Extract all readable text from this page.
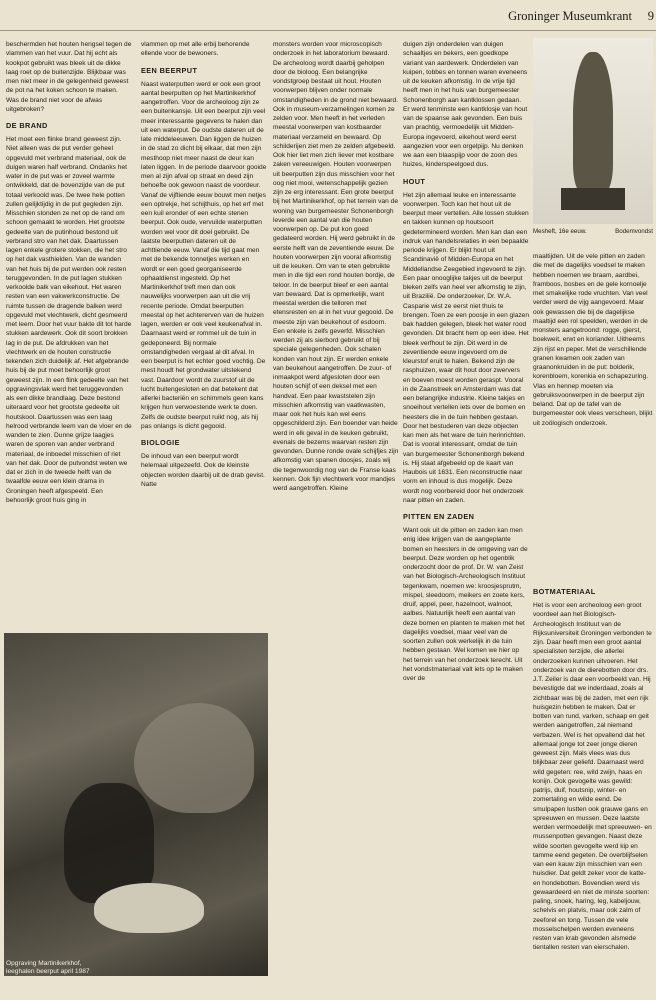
Groninger Museumkrant 9

beschermden het houten hengsel tegen de vlammen van het vuur. Dat hij echt als kookpot gebruikt was bleek uit de dikke laag roet op de buitenzijde. Blijkbaar was men niet meer in de gelegenheid geweest de pot na het koken schoon te maken. Was de brand niet voor de afwas uitgebroken?

DE BRAND

Het moet een flinke brand geweest zijn. Niet alleen was de put verder geheel opgevuld met verbrand materiaal, ook de duigen waren half verbrand. Ondanks het water in de put was er zoveel warmte ontwikkeld, dat de bovenzijde van de put totaal verkoold was. De twee hele potten zullen gelijktijdig in de put gegleden zijn. Misschien stonden ze net op de rand om schoon gemaakt te worden. Het grootste gedeelte van de putinhoud bestond uit verbrand stro van het dak. Daartussen lagen enkele grotere stokken, die het stro op het dak vasthielden. Van de wanden van het huis bij de put werden ook resten teruggevonden. In de put lagen stukken verkoolde balk van eikehout. Het waren resten van een vakwerkconstructie. De ruimte tussen de dragende balken werd opgevuld met vlechtwerk, dicht gesmeerd met leem. Door het vuur bakte dit tot harde stukken aardewerk. Ook dit soort brokken lag in de put. De afdrukken van het vlechtwerk en de houten constructie tekenden zich duidelijk af. Het afgebrande huis bij de put moet behoorlijk groot geweest zijn. In een flink gedeelte van het opgravingsvlak werd het teruggevonden als een dikke brandlaag. Deze bestond uiteraard voor het grootste gedeelte uit houtskool. Daartussen was een laag helrood verbrande leem van de vloer en de wanden te zien. Dunne grijze laagjes waren de sporen van ander verbrand materiaal, de inboedel misschien of riet van het dak. Door de putvondst weten we dat er zich in de tweede helft van de twaalfde eeuw een klein drama in Groningen heeft afgespeeld. Een behoorlijk groot huis ging in

vlammen op met alle erbij behorende ellende voor de bewoners.

EEN BEERPUT

Naast waterputten werd er ook een groot aantal beerputten op het Martinikerkhof aangetroffen. Voor de archeoloog zijn ze een buitenkansje. Uit een beerput zijn veel meer interessante gegevens te halen dan uit een waterput. De oudste dateren uit de late middeleeuwen. Dan liggen de huizen in de stad zo dicht bij elkaar, dat men zijn mesthoop niet meer naast de deur kan laten liggen. In de periode daarvoor gooide men al zijn afval op straat en deed zijn behoefte ook gewoon naast de voordeur. Vanaf de vijftiende eeuw bouwt men netjes een optrekje, het schijthuis, op het erf met een kuil eronder of een echte stenen beerput. Ook oude, vervuilde waterputten worden wel voor dit doel gebruikt. De laatste beerputten dateren uit de achttiende eeuw. Vanaf die tijd gaat men met de bekende tonnetjes werken en wordt er een goed georganiseerde ophaaldienst ingesteld. Op het Martinikerkhof treft men dan ook nauwelijks voorwerpen aan uit die vrij recente periode. Omdat beerputten meestal op het achtererven van de huizen lagen, werden er ook veel keukenafval in. Daarnaast werd er rommel uit de tuin in gedeponeerd. Bij normale omstandigheden vergaat al dit afval. In een beerput is het echter goed vochtig. De mest houdt het grondwater uitstekend vast. Daardoor wordt de zuurstof uit de lucht buitengesloten en dat betekent dat allerlei bacteriën en schimmels geen kans krijgen hun verwoestende werk te doen. Zelfs de oudste beerput ruikt nog, als hij pas onlangs is dicht gegooid.

BIOLOGIE

De inhoud van een beerput wordt helemaal uitgezeefd. Ook de kleinste objecten worden daarbij uit de drab gevist. Natte

monsters worden voor microscopisch onderzoek in het laboratorium bewaard. De archeoloog wordt daarbij geholpen door de bioloog. Een belangrijke vondstgroep bestaat uit hout. Houten voorwerpen blijven onder normale omstandigheden in de grond niet bewaard. Ook in museum-verzamelingen komen ze zelden voor. Men heeft in het verleden meestal voorwerpen van kostbaarder materiaal verzameld en bewaard. Op schilderijen ziet men ze zelden afgebeeld. Ook hier liet men zich liever met kostbare zaken vereeuwigen. Houten voorwerpen uit beerputten zijn dus misschien voor het oog niet mooi, wetenschappelijk gezien zijn ze erg interessant. Een grote beerput bij het Martinikerkhof, op het terrein van de woning van burgemeester Schonenborgh leverde een aantal van die houten voorwerpen op. De put kon goed gedateerd worden. Hij werd gebruikt in de eerste helft van de zeventiende eeuw. De houten voorwerpen zijn vooral afkomstig uit de keuken. Om van te eten gebruikte men in die tijd een rond houten bordje, de teloor. In de beerput bleef er een aantal van bewaard. Dat is opmerkelijk, want meestal werden die telloren met etensresten en al in het vuur gegooid. De meeste zijn van beukehout of esdoorn. Een enkele is zelfs geverfd. Misschien werden zij als sierbord gebruikt of bij speciale gelegenheden. Ook schalen konden van hout zijn. Er werden enkele van beukehout aangetroffen. De zuur- of inmaakpot werd afgesloten door een houten schijf of een deksel met een handvat. Een paar kwaststelen zijn misschien afkomstig van vaatkwasten, maar ook het huis kan wel eens opgeschilderd zijn. Een boender van heide werd in elk geval in de keuken gebruikt, evenals de bezems waarvan resten zijn gevonden. Dunne ronde ovale schijfjes zijn afkomstig van spanen doosjes, zoals wij die tegenwoordig nog van de Franse kaas kennen. Ook fijn vlechtwerk voor mandjes werd aangetroffen. Kleine

duigen zijn onderdelen van duigen schaaltjes en bekers, een goedkope variant van aardewerk. Onderdelen van kuipen, tobbes en tonnen waren eveneens uit de keuken afkomstig. In de vrije tijd heeft men in het huis van burgemeester Schonenborgh aan kantklossen gedaan. Er werd tenminste een kantklosje van hout van de spaanse aak gevonden. Een buis van prachtig, vermoedelijk uit Midden-Europa ingevoerd, eikehout werd eerst aangezien voor een orgelpijp. Nu denken we aan een blaaspijp voor de zoon des huizes, kinderspeelgoed dus.

HOUT

Het zijn allemaal leuke en interessante voorwerpen. Toch kan het hout uit de beerput meer vertellen. Alle lossen stukken en takken kunnen op houtsoort gedetermineerd worden. Men kan dan een indruk van handelsrelaties in een bepaalde periode krijgen. Er blijkt hout uit Scandinavië of Midden-Europa en het Middellandse Zeegebied ingevoerd te zijn. Een paar onooglijke takjes uit de beerput bleken zelfs van heel ver afkomstig te zijn, uit Brazilië. De onderzoeker, Dr. W.A. Casparie wist ze eerst niet thuis te brengen. Toen ze een poosje in een glazen bak hadden gelegen, bleek het water rood gevonden. Dit bracht hem op een idee. Het bleek verfhout te zijn. Dit werd in de zeventiende eeuw ingevoerd om de kleurstof eruit te halen. Bekend zijn de rasphuizen, waar dit hout door zwervers en boeven moest worden geraspt. Vooral in de Zaanstreek en Amsterdam was dat een belangrijke industrie. Kleine takjes en snoeihout vertellen iets over de bomen en heesters die in de tuin hebben gestaan. Door het bestuderen van deze objecten kan men als het ware de tuin herinrichten. Dat is vooral interessant, omdat de tuin van burgemeester Schonenborgh bekend is. Hij staat afgebeeld op de kaart van Haubois uit 1631. Een reconstructie naar vorm en inhoud is dus mogelijk. Deze wordt nog voorbereid door het onderzoek naar pitten en zaden.

PITTEN EN ZADEN

Want ook uit de pitten en zaden kan men enig idee krijgen van de aangeplante bomen en heesters in de omgeving van de beerput. Deze worden op het ogenblik onderzocht door de prof. Dr. W. van Zeist van het Biologisch-Archeologisch Instituut tegenkwam, noemen we: kroosjesprutm, mispel, sleedoorn, meikers en zoete kers, druif, appel, peer, hazelnoot, walnoot, aalbes. Natuurlijk heeft een aantal van deze bomen en planten te maken met het dagelijks voedsel, maar veel van de soorten zullen ook werkelijk in de tuin hebben gestaan. Wel komen we hier op het terrein van het onderzoek terecht. Uit het vondstmateriaal valt iets op te maken over de

Mesheft, 16e eeuw.	Bodemvondst

maaltijden. Uit de vele pitten en zaden die met de dagelijks voedsel te maken hebben noemen we braam, aardbei, framboos, bosbes en de gele kornoelje met smakelijke rode vruchten. Van veel verder werd de vijg aangevoerd. Maar ook gewassen die bij de dagelijkse maaltijd een rol speelden, werden in de monsters aangetroond: rogge, gierst, boekweit, erwt en koriander. Uitheems zijn rijst en peper. Met de verschillende granen kwamen ook zaden van graanonkruiden in de put: bolderik, korenbloem, korenkia en schapezuring. Vlas en hennep moeten via gebruiksvoorwerpen in de beerput zijn beland. Dat op de tafel van de burgemeester ook vlees verscheen, blijkt uit zoölogisch onderzoek.

BOTMATERIAAL

Het is voor een archeoloog een groot voordeel aan het Biologisch-Archeologisch Instituut van de Rijksuniversiteit Groningen verbonden te zijn. Daar heeft men een groot aantal specialisten terzijde, die allerlei onderzoeken kunnen uitvoeren. Het onderzoek van de dierebotten door drs. J.T. Zeiler is daar een voorbeeld van. Hij bevestigde dat we inderdaad, zoals al zichtbaar was bij de zaden, met een rijk huisgezin hebben te maken. Dat er botten van rund, varken, schaap en geit werden aangetroffen, zal niemand verbazen. Wel is het opvallend dat het allemaal jonge tot zeer jonge dieren geweest zijn. Mals vlees was dus blijkbaar zeer geliefd. Daarnaast werd wild gegeten: ree, wild zwijn, haas en konijn. Ook gevogelte was gewild: patrijs, duif, houtsnip, winter- en zomertaling en wilde eend. De smulpapen lustten ook grauwe gans en spreeuwen en mussen. Deze laatste werden vermoedelijk met spreeuwen- en mussenpotten gevangen. Naast deze wilde soorten gevogelte werd kip en tamme eend gegeten. De overblijfselen van een kauw zijn misschien van een huisdier. Dat geldt zeker voor de katte- en hondebotten. Bovendien werd vis gewaardeerd en niet de minste soorten: paling, snoek, haring, leg, kabeljouw, schelvis en platvis, maar ook zalm of zeeforel en tong. Tussen de vele mosselschelpen werden eveneens resten van krab gevonden alsmede tientallen resten van eierschalen.

Opgraving Martinikerkhof,
leeghalen beerput april 1987
